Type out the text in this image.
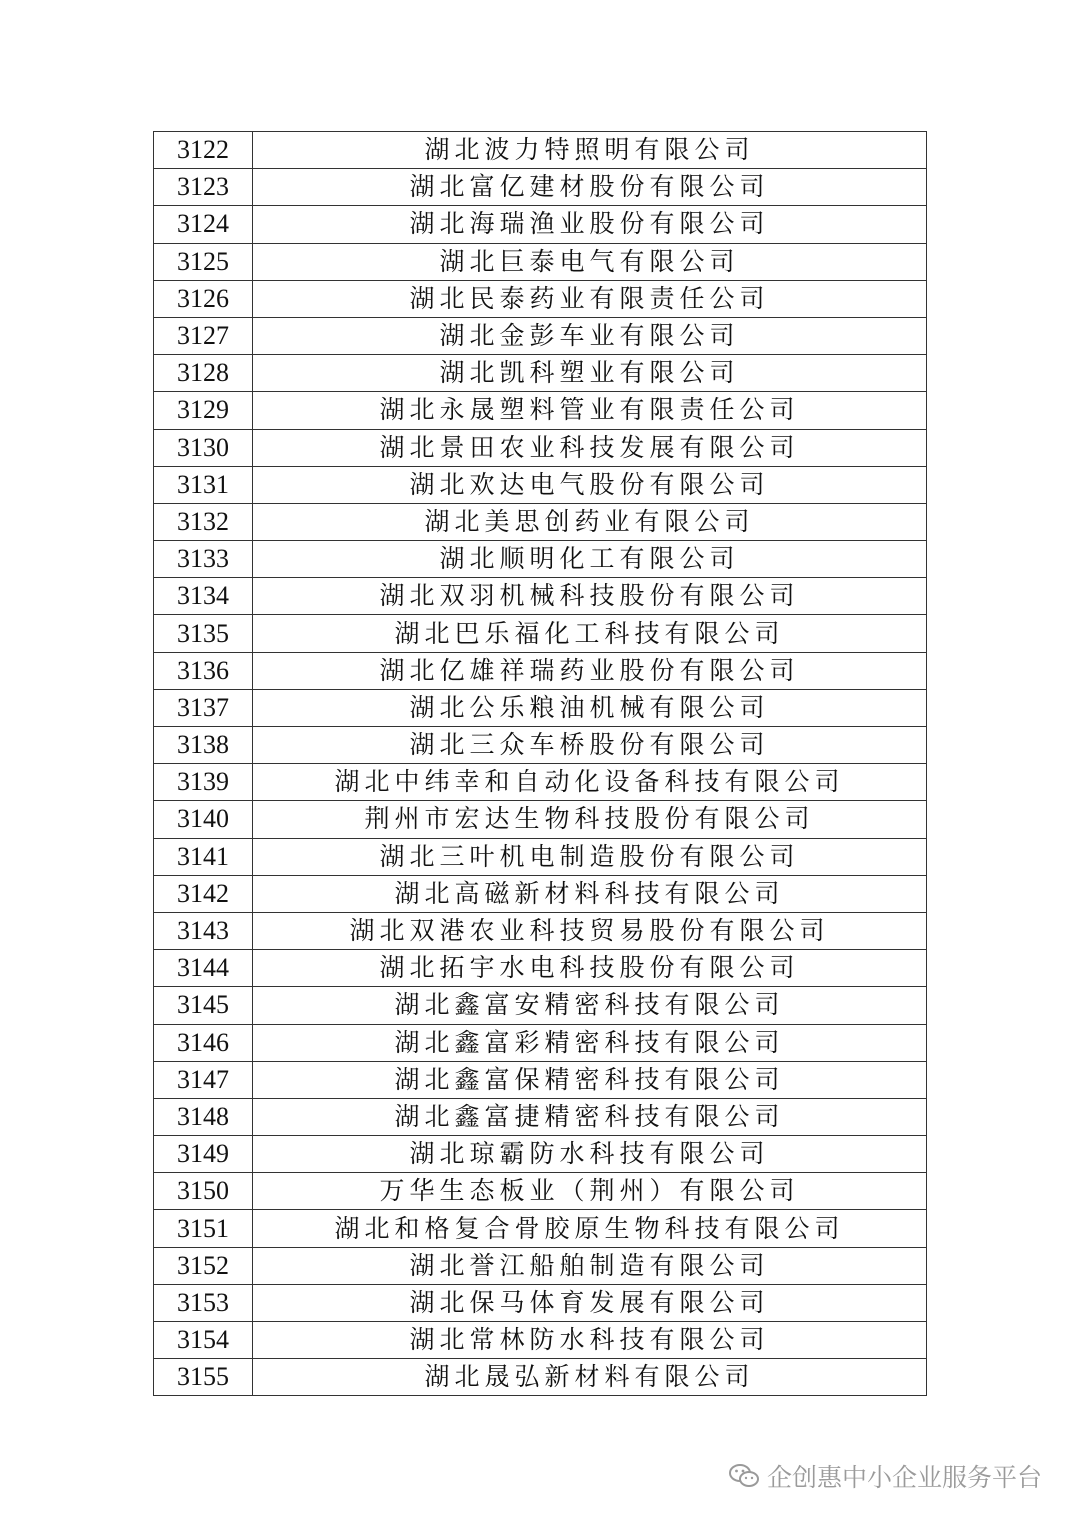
3122	湖北波力特照明有限公司
3123	湖北富亿建材股份有限公司
3124	湖北海瑞渔业股份有限公司
3125	湖北巨泰电气有限公司
3126	湖北民泰药业有限责任公司
3127	湖北金彭车业有限公司
3128	湖北凯科塑业有限公司
3129	湖北永晟塑料管业有限责任公司
3130	湖北景田农业科技发展有限公司
3131	湖北欢达电气股份有限公司
3132	湖北美思创药业有限公司
3133	湖北顺明化工有限公司
3134	湖北双羽机械科技股份有限公司
3135	湖北巴乐福化工科技有限公司
3136	湖北亿雄祥瑞药业股份有限公司
3137	湖北公乐粮油机械有限公司
3138	湖北三众车桥股份有限公司
3139	湖北中纬幸和自动化设备科技有限公司
3140	荆州市宏达生物科技股份有限公司
3141	湖北三叶机电制造股份有限公司
3142	湖北高磁新材料科技有限公司
3143	湖北双港农业科技贸易股份有限公司
3144	湖北拓宇水电科技股份有限公司
3145	湖北鑫富安精密科技有限公司
3146	湖北鑫富彩精密科技有限公司
3147	湖北鑫富保精密科技有限公司
3148	湖北鑫富捷精密科技有限公司
3149	湖北琼霸防水科技有限公司
3150	万华生态板业（荆州）有限公司
3151	湖北和格复合骨胶原生物科技有限公司
3152	湖北誉江船舶制造有限公司
3153	湖北保马体育发展有限公司
3154	湖北常林防水科技有限公司
3155	湖北晟弘新材料有限公司
企创惠中小企业服务平台
